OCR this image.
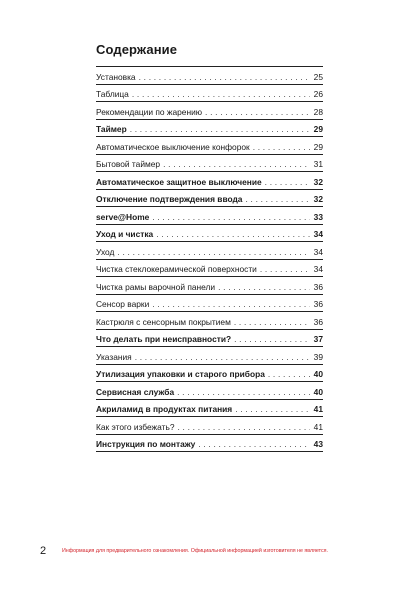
Содержание
Установка . . .	25
Таблица . . .	26
Рекомендации по жарению . . .	28
Таймер . . .	29
Автоматическое выключение конфорок . . .	29
Бытовой таймер . . .	31
Автоматическое защитное выключение . . .	32
Отключение подтверждения ввода . . .	32
serve@Home . . .	33
Уход и чистка . . .	34
Уход . . .	34
Чистка стеклокерамической поверхности . . .	34
Чистка рамы варочной панели . . .	36
Сенсор варки . . .	36
Кастрюля с сенсорным покрытием . . .	36
Что делать при неисправности? . . .	37
Указания . . .	39
Утилизация упаковки и старого прибора . . .	40
Сервисная служба . . .	40
Акриламид в продуктах питания . . .	41
Как этого избежать? . . .	41
Инструкция по монтажу . . .	43
2	Информация для предварительного ознакомления. Официальной информацией изготовителя не является.
